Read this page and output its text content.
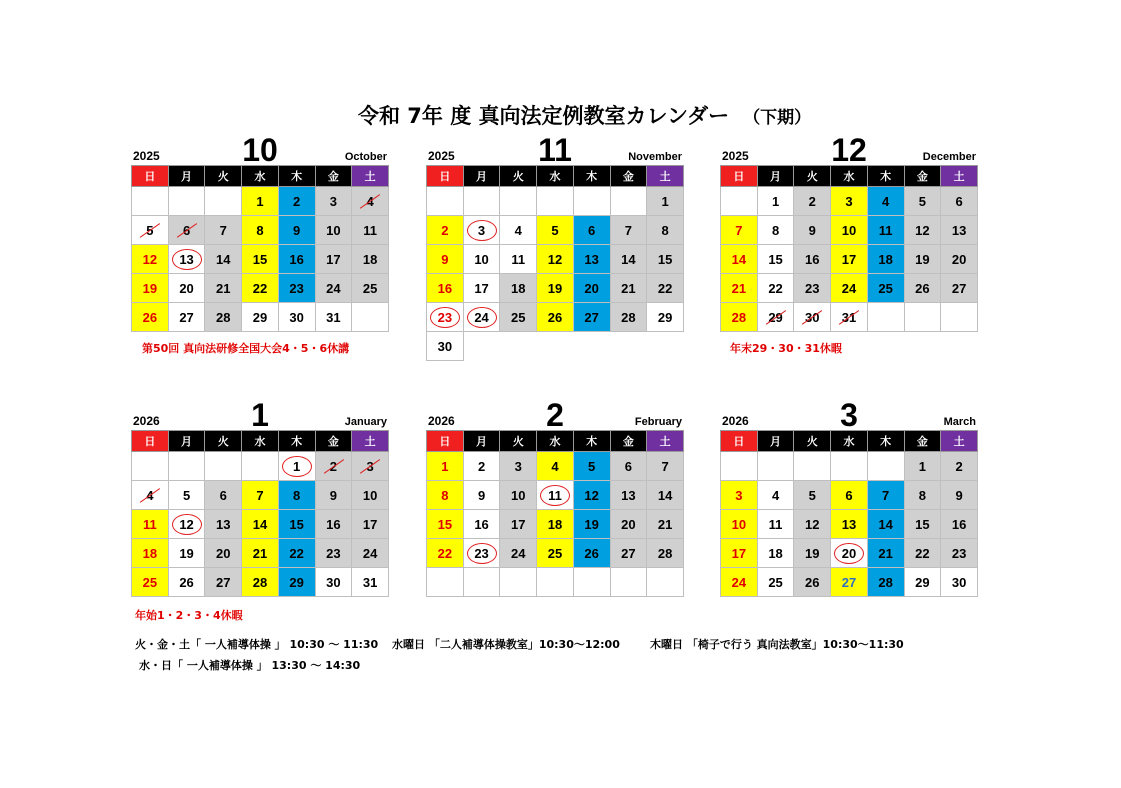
令和 7年 度 真向法定例教室カレンダー （下期）
2025	10	October
日	月	火	水	木	金	土
			1	2	3	4
5	6	7	8	9	10	11
12	13	14	15	16	17	18
19	20	21	22	23	24	25
26	27	28	29	30	31	
2025	11	November
日	月	火	水	木	金	土
						1
2	3	4	5	6	7	8
9	10	11	12	13	14	15
16	17	18	19	20	21	22
23	24	25	26	27	28	29
30						
2025	12	December
日	月	火	水	木	金	土
	1	2	3	4	5	6
7	8	9	10	11	12	13
14	15	16	17	18	19	20
21	22	23	24	25	26	27
28	29	30	31			
2026	1	January
日	月	火	水	木	金	土
				1	2	3
4	5	6	7	8	9	10
11	12	13	14	15	16	17
18	19	20	21	22	23	24
25	26	27	28	29	30	31
2026	2	February
日	月	火	水	木	金	土
1	2	3	4	5	6	7
8	9	10	11	12	13	14
15	16	17	18	19	20	21
22	23	24	25	26	27	28

2026	3	March
日	月	火	水	木	金	土
					1	2
3	4	5	6	7	8	9
10	11	12	13	14	15	16
17	18	19	20	21	22	23
24	25	26	27	28	29	30
第50回 真向法研修全国大会4・5・6休講	年末29・30・31休暇
年始1・2・3・4休暇
火・金・土「 一人補導体操 」 10:30 ～ 11:30 水曜日 「二人補導体操教室」10:30～12:00	木曜日 「椅子で行う 真向法教室」10:30～11:30
水・日「 一人補導体操 」 13:30 ～ 14:30
